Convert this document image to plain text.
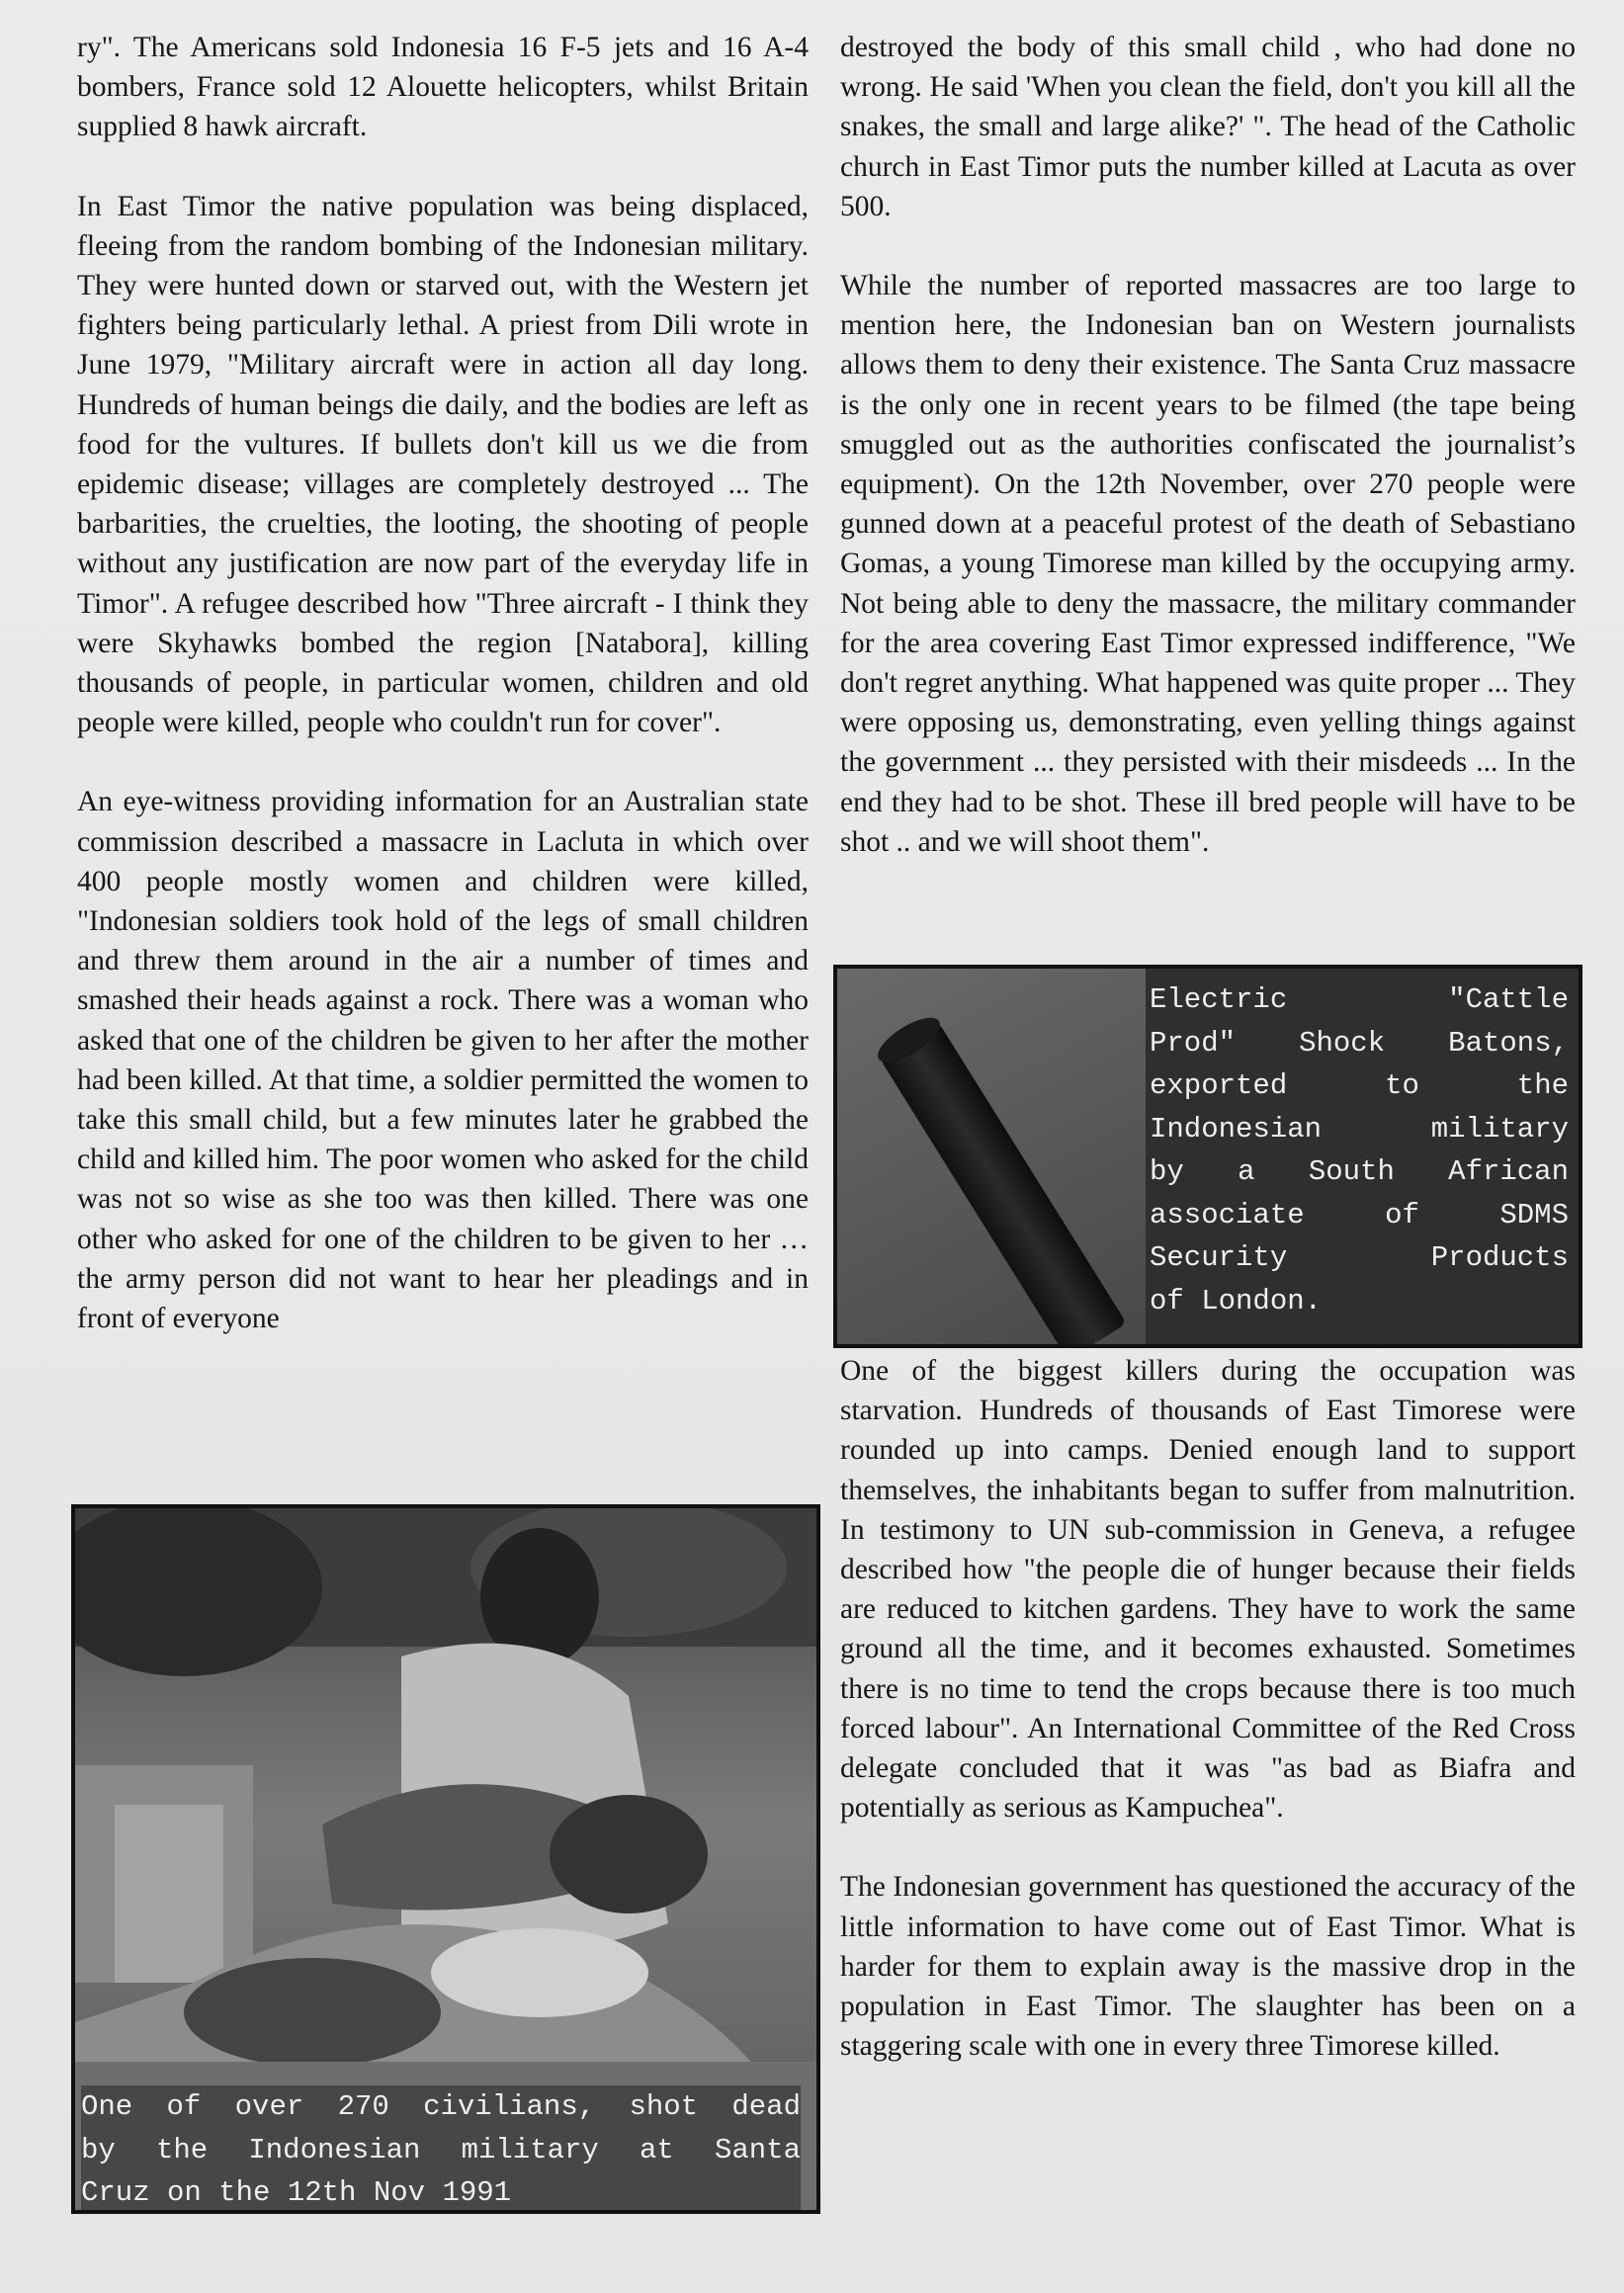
ry". The Americans sold Indonesia 16 F-5 jets and 16 A-4 bombers, France sold 12 Alouette helicopters, whilst Britain supplied 8 hawk aircraft.

In East Timor the native population was being displaced, fleeing from the random bombing of the Indonesian military. They were hunted down or starved out, with the Western jet fighters being particularly lethal. A priest from Dili wrote in June 1979, "Military aircraft were in action all day long. Hundreds of human beings die daily, and the bodies are left as food for the vultures. If bullets don't kill us we die from epidemic disease; villages are completely destroyed ... The barbarities, the cruelties, the looting, the shooting of people without any justification are now part of the everyday life in Timor". A refugee described how "Three aircraft - I think they were Skyhawks bombed the region [Natabora], killing thousands of people, in particular women, children and old people were killed, people who couldn't run for cover".

An eye-witness providing information for an Australian state commission described a massacre in Lacluta in which over 400 people mostly women and children were killed, "Indonesian soldiers took hold of the legs of small children and threw them around in the air a number of times and smashed their heads against a rock. There was a woman who asked that one of the children be given to her after the mother had been killed. At that time, a soldier permitted the women to take this small child, but a few minutes later he grabbed the child and killed him. The poor women who asked for the child was not so wise as she too was then killed. There was one other who asked for one of the children to be given to her … the army person did not want to hear her pleadings and in front of everyone

destroyed the body of this small child , who had done no wrong. He said 'When you clean the field, don't you kill all the snakes, the small and large alike?' ". The head of the Catholic church in East Timor puts the number killed at Lacuta as over 500.

While the number of reported massacres are too large to mention here, the Indonesian ban on Western journalists allows them to deny their existence. The Santa Cruz massacre is the only one in recent years to be filmed (the tape being smuggled out as the authorities confiscated the journalist’s equipment). On the 12th November, over 270 people were gunned down at a peaceful protest of the death of Sebastiano Gomas, a young Timorese man killed by the occupying army. Not being able to deny the massacre, the military commander for the area covering East Timor expressed indifference, "We don't regret anything. What happened was quite proper ... They were opposing us, demonstrating, even yelling things against the government ... they persisted with their misdeeds ... In the end they had to be shot. These ill bred people will have to be shot .. and we will shoot them".

One of the biggest killers during the occupation was starvation. Hundreds of thousands of East Timorese were rounded up into camps. Denied enough land to support themselves, the inhabitants began to suffer from malnutrition. In testimony to UN sub-commission in Geneva, a refugee described how "the people die of hunger because their fields are reduced to kitchen gardens. They have to work the same ground all the time, and it becomes exhausted. Sometimes there is no time to tend the crops because there is too much forced labour". An International Committee of the Red Cross delegate concluded that it was "as bad as Biafra and potentially as serious as Kampuchea".

The Indonesian government has questioned the accuracy of the little information to have come out of East Timor. What is harder for them to explain away is the massive drop in the population in East Timor. The slaughter has been on a staggering scale with one in every three Timorese killed.

Electric "Cattle
Prod" Shock Batons,
exported to the
Indonesian military
by a South African
associate of SDMS
Security Products
of London.
One of over 270 civilians, shot dead
by the Indonesian military at Santa
Cruz on the 12th Nov 1991
